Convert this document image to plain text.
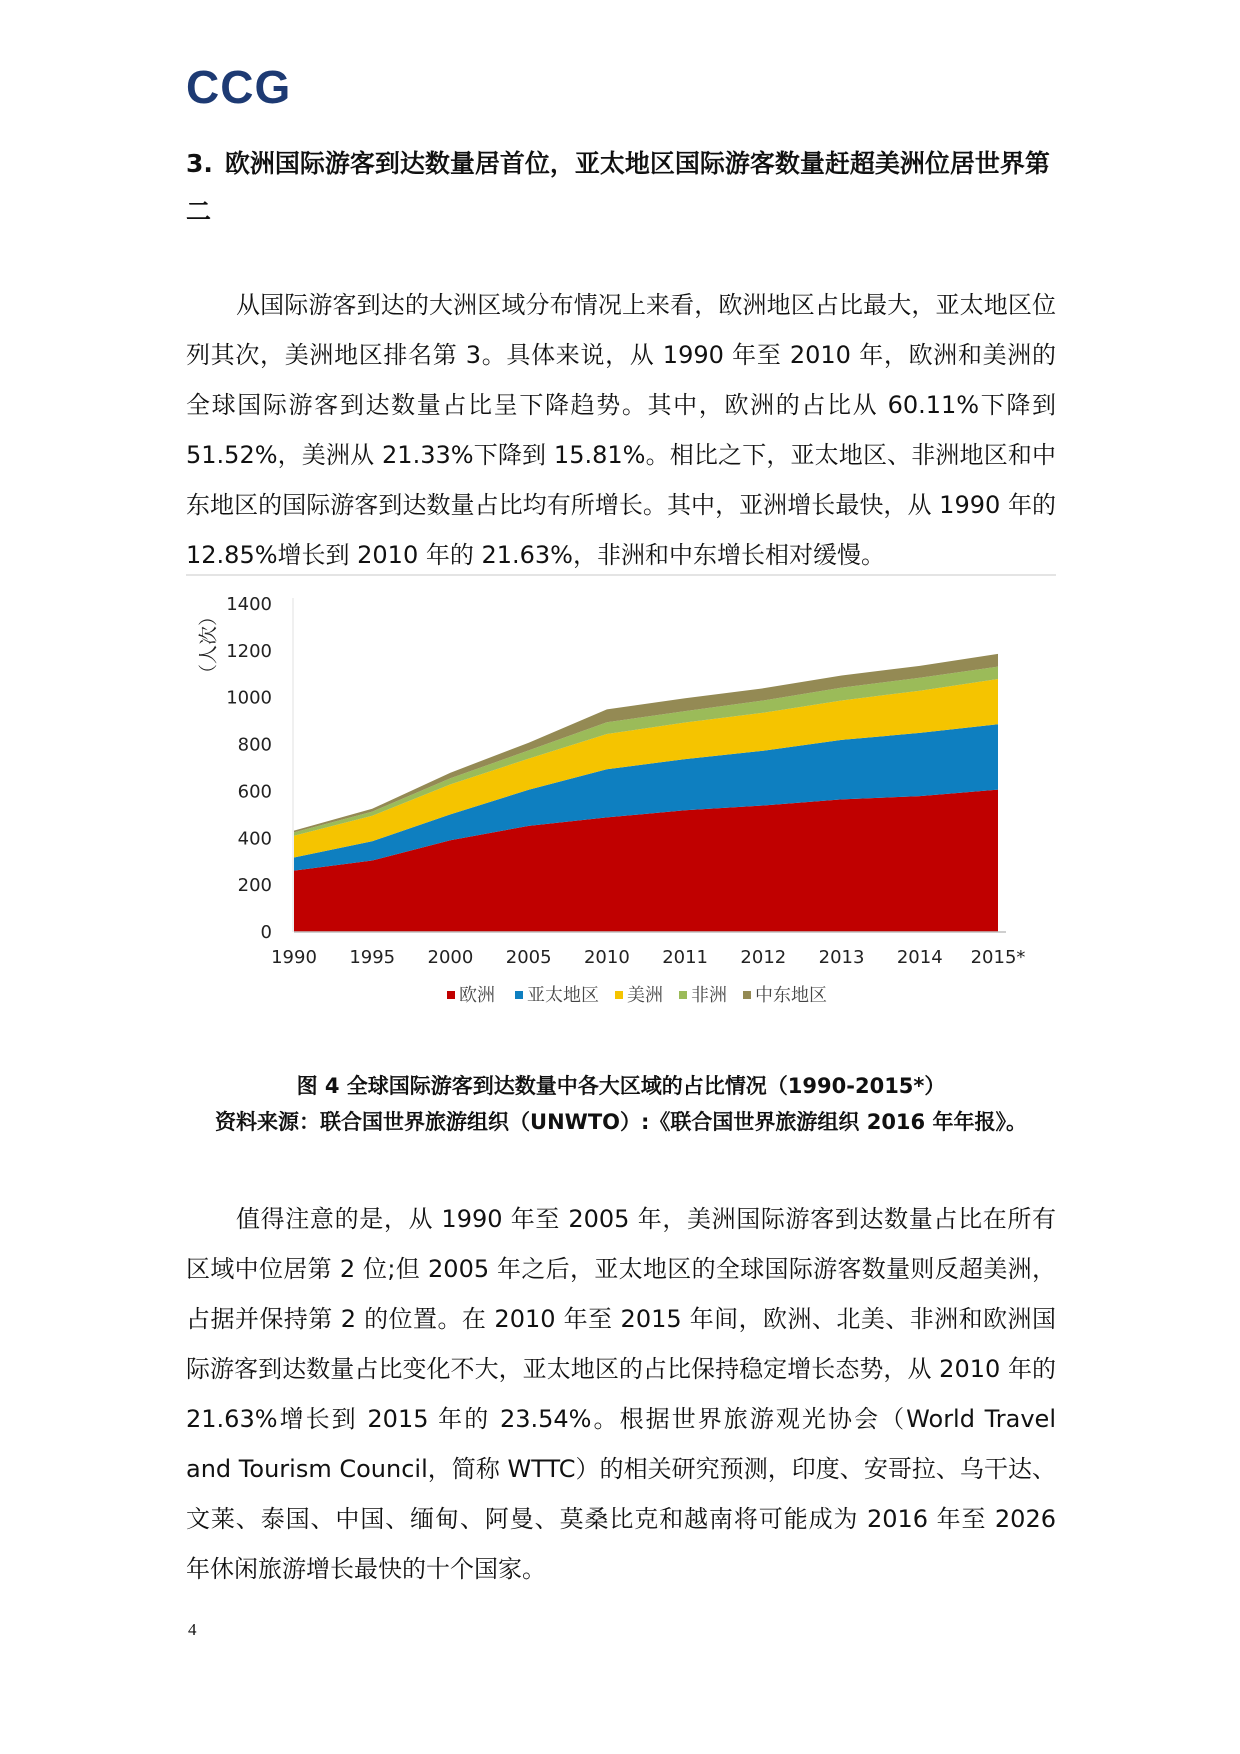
CCG
3. 欧洲国际游客到达数量居首位，亚太地区国际游客数量赶超美洲位居世界第二

从国际游客到达的大洲区域分布情况上来看，欧洲地区占比最大，亚太地区位列其次，美洲地区排名第 3。具体来说，从 1990 年至 2010 年，欧洲和美洲的全球国际游客到达数量占比呈下降趋势。其中，欧洲的占比从 60.11%下降到 51.52%，美洲从 21.33%下降到 15.81%。相比之下，亚太地区、非洲地区和中东地区的国际游客到达数量占比均有所增长。其中，亚洲增长最快，从 1990 年的 12.85%增长到 2010 年的 21.63%，非洲和中东增长相对缓慢。

0
200
400
600
800
1000
1200
1400
1990 1995 2000 2005 2010 2011 2012 2013 2014 2015*
欧洲 亚太地区 美洲 非洲 中东地区
（人次）
图 4 全球国际游客到达数量中各大区域的占比情况（1990-2015*）
资料来源：联合国世界旅游组织（UNWTO）:《联合国世界旅游组织 2016 年年报》。

值得注意的是，从 1990 年至 2005 年，美洲国际游客到达数量占比在所有区域中位居第 2 位;但 2005 年之后，亚太地区的全球国际游客数量则反超美洲，占据并保持第 2 的位置。在 2010 年至 2015 年间，欧洲、北美、非洲和欧洲国际游客到达数量占比变化不大，亚太地区的占比保持稳定增长态势，从 2010 年的 21.63%增长到 2015 年的 23.54%。根据世界旅游观光协会（World Travel and Tourism Council，简称 WTTC）的相关研究预测，印度、安哥拉、乌干达、文莱、泰国、中国、缅甸、阿曼、莫桑比克和越南将可能成为 2016 年至 2026 年休闲旅游增长最快的十个国家。

4
